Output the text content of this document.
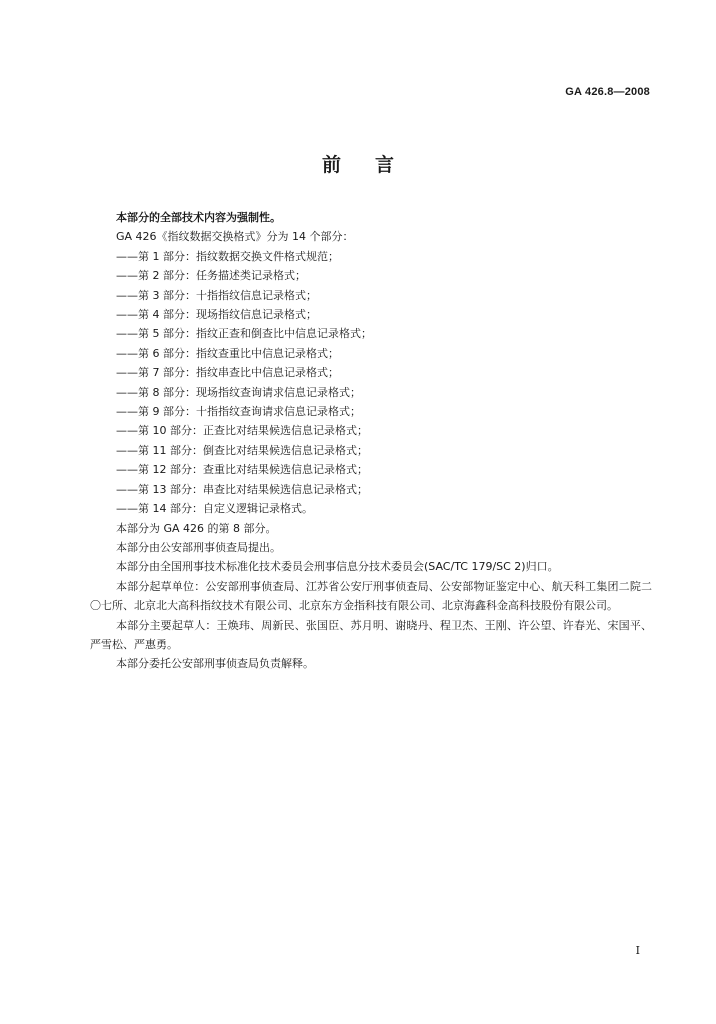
GA 426.8—2008
前言

本部分的全部技术内容为强制性。

GA 426《指纹数据交换格式》分为 14 个部分：

——第 1 部分：指纹数据交换文件格式规范；

——第 2 部分：任务描述类记录格式；

——第 3 部分：十指指纹信息记录格式；

——第 4 部分：现场指纹信息记录格式；

——第 5 部分：指纹正查和倒查比中信息记录格式；

——第 6 部分：指纹查重比中信息记录格式；

——第 7 部分：指纹串查比中信息记录格式；

——第 8 部分：现场指纹查询请求信息记录格式；

——第 9 部分：十指指纹查询请求信息记录格式；

——第 10 部分：正查比对结果候选信息记录格式；

——第 11 部分：倒查比对结果候选信息记录格式；

——第 12 部分：查重比对结果候选信息记录格式；

——第 13 部分：串查比对结果候选信息记录格式；

——第 14 部分：自定义逻辑记录格式。

本部分为 GA 426 的第 8 部分。

本部分由公安部刑事侦查局提出。

本部分由全国刑事技术标准化技术委员会刑事信息分技术委员会(SAC/TC 179/SC 2)归口。

本部分起草单位：公安部刑事侦查局、江苏省公安厅刑事侦查局、公安部物证鉴定中心、航天科工集团二院二〇七所、北京北大高科指纹技术有限公司、北京东方金指科技有限公司、北京海鑫科金高科技股份有限公司。

本部分主要起草人：王焕玮、周新民、张国臣、苏月明、谢晓丹、程卫杰、王刚、许公望、许春光、宋国平、严雪松、严惠勇。

本部分委托公安部刑事侦查局负责解释。

I
